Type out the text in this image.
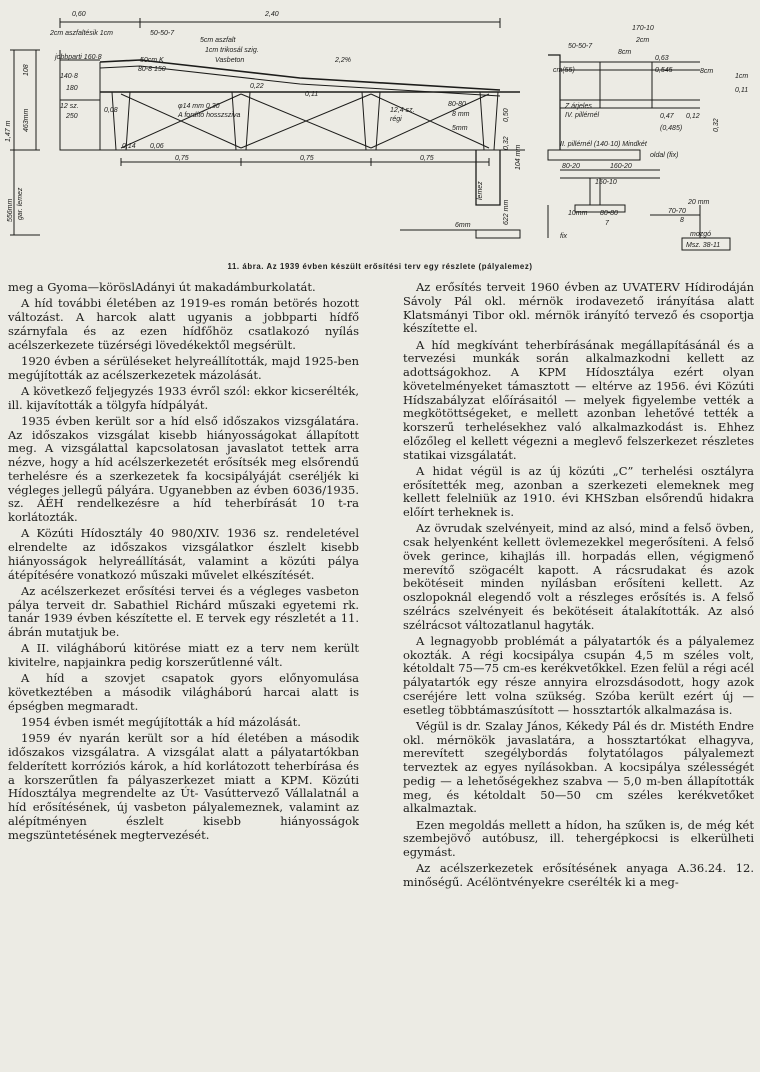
0,60	2,40
2cm aszfaltésik 1cm	50-50-7
5cm aszfalt
1cm trikosál szig.
Vasbeton
jobbparti 160·8	50cm K
80-8 150
140·8
180
12 sz.
250
0,08
0,22
0,11
φ14 mm 0,30
A fordító hosszsziva
12,4 sz.
régi
80-80
8 mm
5mm
0,14 0,06
2,2%
0,75	0,75	0,75
108
463mm
1,47 m
556mm gar. lemez
0,50
0,32
104 mm
622 mm
lemez
6mm
170-10
2cm
8cm
50-50-7
0,63
0,545
cm(55)	8cm
1cm
0,11
Z árjeles
IV. pillérnél	0,47 0,12
(0,485)	0,32
II. pillérnél (140·10) Mindkét
oldal (fix)
80-20	160-20
150-10
20 mm
10mm 80-80
7
70-70
8
fix	mozgó
Msz. 38-11
11. ábra. Az 1939 évben készült erősítési terv egy részlete (pályalemez)

meg a Gyoma—köröslAdányi út makadámburkolatát.

A híd további életében az 1919-es román betörés hozott változást. A harcok alatt ugyanis a jobbparti hídfő szárnyfala és az ezen hídfőhöz csatlakozó nyílás acélszerkezete tüzérségi lövedékektől megsérült.

1920 évben a sérüléseket helyreállították, majd 1925-ben megújították az acélszerkezetek mázolását.

A következő feljegyzés 1933 évről szól: ekkor kicserélték, ill. kijavították a tölgyfa hídpályát.

1935 évben került sor a híd első időszakos vizsgálatára. Az időszakos vizsgálat kisebb hiányosságokat állapított meg. A vizsgálattal kapcsolatosan javaslatot tettek arra nézve, hogy a híd acélszerkezetét erősítsék meg elsőrendű terhelésre és a szerkezetek fa kocsipályáját cseréljék ki végleges jellegű pályára. Ugyanebben az évben 6036/1935. sz. ÁÉH rendelkezésre a híd teherbírását 10 t-ra korlátozták.

A Közúti Hídosztály 40 980/XIV. 1936 sz. rendeletével elrendelte az időszakos vizsgálatkor észlelt kisebb hiányosságok helyreállítását, valamint a közúti pálya átépítésére vonatkozó műszaki művelet elkészítését.

Az acélszerkezet erősítési tervei és a végleges vasbeton pálya terveit dr. Sabathiel Richárd műszaki egyetemi rk. tanár 1939 évben készítette el. E tervek egy részletét a 11. ábrán mutatjuk be.

A II. világháború kitörése miatt ez a terv nem került kivitelre, napjainkra pedig korszerűtlenné vált.

A híd a szovjet csapatok gyors előnyomulása következtében a második világháború harcai alatt is épségben megmaradt.

1954 évben ismét megújították a híd mázolását.

1959 év nyarán került sor a híd életében a második időszakos vizsgálatra. A vizsgálat alatt a pályatartókban felderített korróziós károk, a híd korlátozott teherbírása és a korszerűtlen fa pályaszerkezet miatt a KPM. Közúti Hídosztálya megrendelte az Út- Vasúttervező Vállalatnál a híd erősítésének, új vasbeton pályalemeznek, valamint az alépítményen észlelt kisebb hiányosságok megszüntetésének megtervezését.

Az erősítés terveit 1960 évben az UVATERV Hídirodáján Sávoly Pál okl. mérnök irodavezető irányítása alatt Klatsmányi Tibor okl. mérnök irányító tervező és csoportja készítette el.

A híd megkívánt teherbírásának megállapításánál és a tervezési munkák során alkalmazkodni kellett az adottságokhoz. A KPM Hídosztálya ezért olyan követelményeket támasztott — eltérve az 1956. évi Közúti Hídszabályzat előírásaitól — melyek figyelembe vették a megkötöttségeket, e mellett azonban lehetővé tették a korszerű terhelésekhez való alkalmazkodást is. Ehhez előzőleg el kellett végezni a meglevő felszerkezet részletes statikai vizsgálatát.

A hidat végül is az új közúti „C” terhelési osztályra erősítették meg, azonban a szerkezeti elemeknek meg kellett felelniük az 1910. évi KHSzban elsőrendű hidakra előírt terheknek is.

Az övrudak szelvényeit, mind az alsó, mind a felső övben, csak helyenként kellett övlemezekkel megerősíteni. A felső övek gerince, kihajlás ill. horpadás ellen, végigmenő merevítő szögacélt kapott. A rácsrudakat és azok bekötéseit minden nyílásban erősíteni kellett. Az oszlopoknál elegendő volt a részleges erősítés is. A felső szélrács szelvényeit és bekötéseit átalakították. Az alsó szélrácsot változatlanul hagyták.

A legnagyobb problémát a pályatartók és a pályalemez okozták. A régi kocsipálya csupán 4,5 m széles volt, kétoldalt 75—75 cm-es kerékvetőkkel. Ezen felül a régi acél pályatartók egy része annyira elrozsdásodott, hogy azok cseréjére lett volna szükség. Szóba került ezért új — esetleg többtámaszúsított — hossztartók alkalmazása is.

Végül is dr. Szalay János, Kékedy Pál és dr. Mistéth Endre okl. mérnökök javaslatára, a hossztartókat elhagyva, merevített szegélybordás folytatólagos pályalemezt terveztek az egyes nyílásokban. A kocsipálya szélességét pedig — a lehetőségekhez szabva — 5,0 m-ben állapították meg, és kétoldalt 50—50 cm széles kerékvetőket alkalmaztak.

Ezen megoldás mellett a hídon, ha szűken is, de még két szembejövő autóbusz, ill. tehergépkocsi is elkerülheti egymást.

Az acélszerkezetek erősítésének anyaga A.36.24. 12. minőségű. Acélöntvényekre cserélték ki a meg-
